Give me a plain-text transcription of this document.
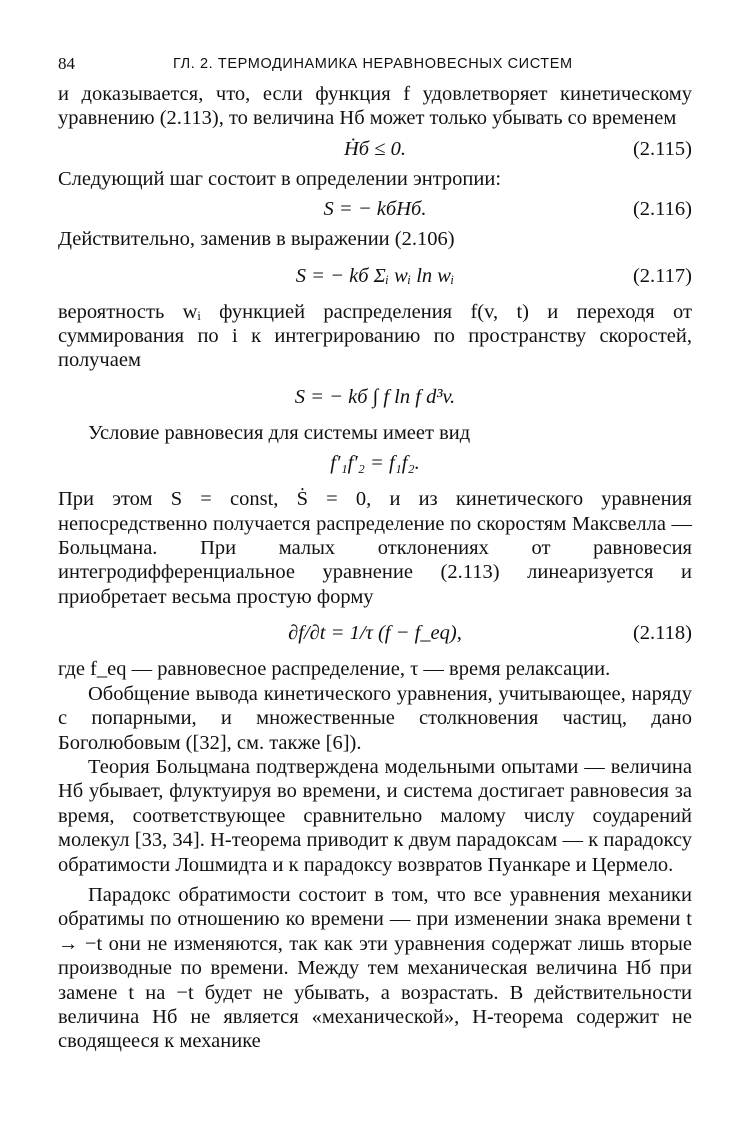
84	ГЛ. 2. ТЕРМОДИНАМИКА НЕРАВНОВЕСНЫХ СИСТЕМ

и доказывается, что, если функция f удовлетворяет кинетическому уравнению (2.113), то величина Hб может только убывать со временем

Ḣб ≤ 0.	(2.115)

Следующий шаг состоит в определении энтропии:

S = − kбHб.	(2.116)

Действительно, заменив в выражении (2.106)

S = − kб Σᵢ wᵢ ln wᵢ	(2.117)

вероятность wᵢ функцией распределения f(v, t) и переходя от суммирования по i к интегрированию по пространству скоростей, получаем

S = − kб ∫ f ln f d³v.

Условие равновесия для системы имеет вид

f′₁f′₂ = f₁f₂.

При этом S = const, Ṡ = 0, и из кинетического уравнения непосредственно получается распределение по скоростям Максвелла — Больцмана. При малых отклонениях от равновесия интегродифференциальное уравнение (2.113) линеаризуется и приобретает весьма простую форму

∂f/∂t = 1/τ (f − f_eq),	(2.118)

где f_eq — равновесное распределение, τ — время релаксации.

Обобщение вывода кинетического уравнения, учитывающее, наряду с попарными, и множественные столкновения частиц, дано Боголюбовым ([32], см. также [6]).

Теория Больцмана подтверждена модельными опытами — величина Hб убывает, флуктуируя во времени, и система достигает равновесия за время, соответствующее сравнительно малому числу соударений молекул [33, 34]. H-теорема приводит к двум парадоксам — к парадоксу обратимости Лошмидта и к парадоксу возвратов Пуанкаре и Цермело.

Парадокс обратимости состоит в том, что все уравнения механики обратимы по отношению ко времени — при изменении знака времени t → −t они не изменяются, так как эти уравнения содержат лишь вторые производные по времени. Между тем механическая величина Hб при замене t на −t будет не убывать, а возрастать. В действительности величина Hб не является «механической», H-теорема содержит не сводящееся к механике
